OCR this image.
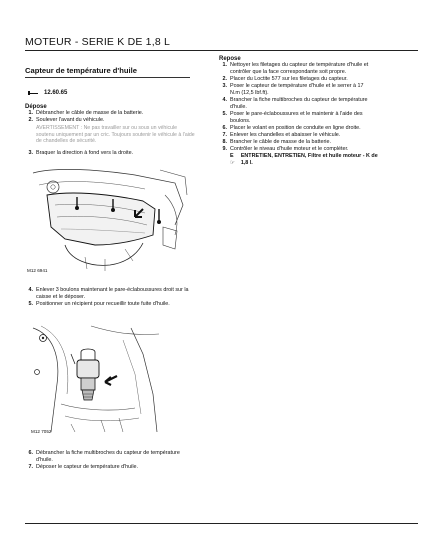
MOTEUR - SERIE K DE 1,8 L
Capteur de température d'huile
12.60.65
Dépose
1. Débrancher le câble de masse de la batterie.
2. Soulever l'avant du véhicule.
AVERTISSEMENT : Ne pas travailler sur ou sous un véhicule soutenu uniquement par un cric. Toujours soutenir le véhicule à l'aide de chandelles de sécurité.
3. Braquer la direction à fond vers la droite.
M12 6941
4. Enlever 3 boulons maintenant le pare-éclaboussures droit sur la caisse et le déposer.
5. Positionner un récipient pour recueillir toute fuite d'huile.
M12 7052
6. Débrancher la fiche multibroches du capteur de température d'huile.
7. Déposer le capteur de température d'huile.
Repose
1. Nettoyer les filetages du capteur de température d'huile et contrôler que la face correspondante soit propre.
2. Placer du Loctite 577 sur les filetages du capteur.
3. Poser le capteur de température d'huile et le serrer à 17 N.m (12,5 lbf.ft).
4. Brancher la fiche multibroches du capteur de température d'huile.
5. Poser le pare-éclaboussures et le maintenir à l'aide des boulons.
6. Placer le volant en position de conduite en ligne droite.
7. Enlever les chandelles et abaisser le véhicule.
8. Brancher le câble de masse de la batterie.
9. Contrôler le niveau d'huile moteur et le compléter.
E☞
ENTRETIEN, ENTRETIEN, Filtre et huile moteur - K de 1,8 l.
